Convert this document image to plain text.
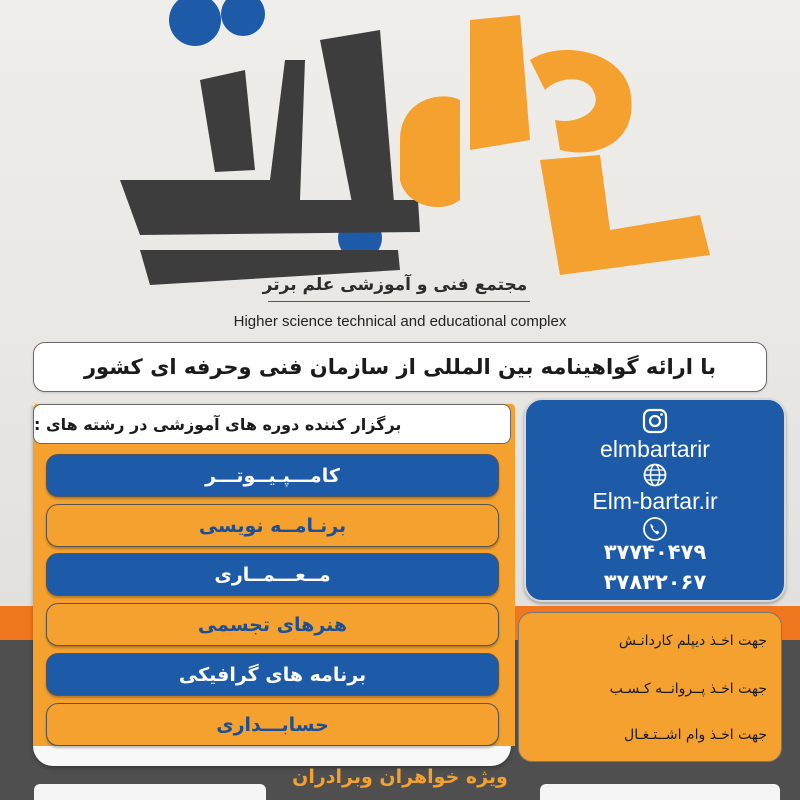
مجتمع فنی و آموزشی علم برتر
Higher science technical and educational complex
با ارائه گواهینامه بین المللی از سازمان فنی وحرفه ای کشور
برگزار کننده دوره های آموزشی در رشته های :
کامـــپـیــوتـــر
برنـامــه نویسی
مــعـــمــاری
هنرهای تجسمی
برنامه های گرافیکی
حسابـــداری
elmbartarir
Elm-bartar.ir
۳۷۷۴۰۴۷۹
۳۷۸۳۲۰۶۷
جهت اخـذ دیپلم کاردانـش
جهت اخـذ پــروانــه کـسـب
جهت اخـذ وام اشــتـغـال
ویژه خواهران وبرادران
